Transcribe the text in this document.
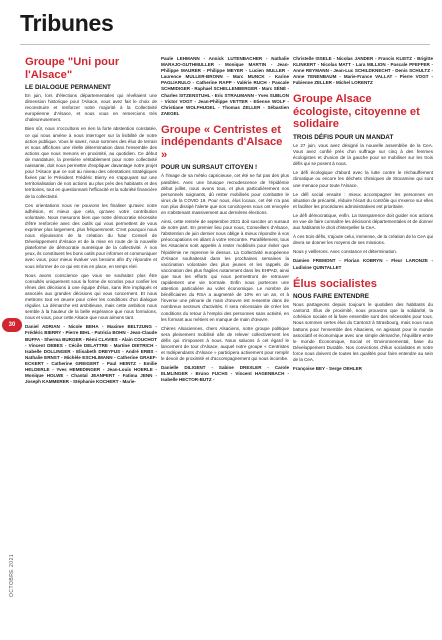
Tribunes
30
OCTOBRE 2021
Groupe "Uni pour l'Alsace"
LE DIALOGUE PERMANENT

En juin, lors d'élections départementales qui révélaient une dimension historique pour l'Alsace, vous avez fait le choix de reconstruire et renforcer notre majorité à la Collectivité européenne d'Alsace, et nous vous en remercions très chaleureusement.

Bien sûr, nous n'occultons en rien la forte abstention constatée, ce qui nous amène à nous interroger sur la lisibilité de notre action publique. Vous le savez, nous sommes des élus de terrain et nous affichons une réelle détermination dans l'ensemble des actions que nous menons en proximité, au quotidien. Ce début de mandature, la première véritablement pour notre collectivité naissante, doit nous permettre d'expliquer davantage notre projet pour l'Alsace que ce soit au niveau des orientations stratégiques fixées par le Président Frédéric Bierry en s'appuyant sur une territorialisation de nos actions au plus près des habitants et des territoires, tout en questionnant l'efficacité et la sobriété financière de la collectivité.

Ces orientations nous ne pouvons les finaliser qu'avec votre adhésion, et mieux que cela, qu'avec votre contribution volontaire. Nous mesurons bien que notre démocratie nécessite d'être renforcée avec des outils qui vous permettent de vous exprimer plus largement, plus fréquemment. C'est pourquoi nous nous réjouissons de la création du futur Conseil de Développement d'Alsace et de la mise en route de la nouvelle plateforme de démocratie numérique de la collectivité. À nos yeux, ils constituent les bons outils pour informer et communiquer avec vous, pour mieux évaluer vos besoins afin d'y répondre et vous informer de ce qui est mis en place, en temps réel.

Nous avons conscience que vous ne souhaitez plus être consultés uniquement sous la forme de scrutins pour confier les rênes des décisions à une équipe d'élus, sans être impliqués et associés aux grandes décisions qui vous concernent. Et nous mettrons tout en œuvre pour créer les conditions d'un dialogue régulier. La démarche est ambitieuse, mais cette ambition nous semble à la hauteur de la belle espérance que nous formulons, nous et vous, pour cette Alsace que nous aimons tant.

Daniel ADRIAN - Nicole BEHA - Maxime BELTZUNG - Frédéric BIERRY - Pierre BIHL - Patricia BOHN - Jean-Claude BUFFA - Sherma BURGER - Rémi CLAVIES - Alain COUCHOT - Vincent DEBES - Cécile DELATTRE - Martine DIETRICH - Isabelle DOLLINGER - Elisabeth DREYFUS - André ERBS - Nathalie ERNST - Michèle ESCHLIMANN - Catherine GRAEF-ECKERT - Catherine GREIGERT - Paul HEINTZ - Emilie HELDERLE - Yves HEMEDINGER - Jean-Louis HOERLE - Monique HOLWE - Chantal JEANPERT - Fatima JENN - Joseph KAMMERER - Stéphanie KOCHERT - Marie-

Paule LEHMANN - Annick LUTENBACHER - Nathalie MARAJO-GUTHMULLER - Monique MARTIN - Jean-Philippe MAURER - Philippe MEYER - Lucien MULLER - Laurence MULLER-BRONN - Marc MUNCK - Karine PAGLIARULO - Catherine RAPP - Valérie RUCH - Pascale SCHMIDIGER - Raphael SCHELLENBERGER - Marc SÉNÉ - Charles SITZENSTUHL - Eric STRAUMANN - Yves SUBLON - Victor VOGT - Jean-Philippe VETTER - Etienne WOLF - Christiane WOLFHUGEL - Thomas ZELLER - Sébastien ZAEGEL

Groupe « Centristes et indépendants d'Alsace »
POUR UN SURSAUT CITOYEN !

À l'image de sa météo capricieuse, cet été ne fut pas des plus paisibles. Avec une brusque recrudescence de l'épidémie début juillet, nous avons tous, et plus particulièrement nos personnels soignants, dû rester mobilisés pour combattre le virus de la COVID 19. Pour nous, élus locaux, cet été n'a pas non plus dissipé l'alerte que nos concitoyens nous ont envoyée en s'abstenant massivement aux dernières élections.

Ainsi, cette rentrée de septembre 2021 doit susciter un sursaut de notre part. En premier lieu pour nous, Conseillers d'Alsace, l'abstention de juin dernier nous oblige à mieux répondre à vos préoccupations en allant à votre rencontre. Parallèlement, tous les Alsaciens sont appelés à rester mobilisés pour éviter que l'épidémie ne reprenne le dessus. La Collectivité européenne d'Alsace souhaiterait dans les prochaines semaines la vaccination volontaire des plus jeunes et les rappels de vaccination des plus fragiles notamment dans les EHPAD, ainsi que tous les efforts qui nous permettront de retrouver rapidement une vie normale. Enfin nous porterons une attention particulière au volet économique. Le nombre de bénéficiaires du RSA a augmenté de 10% en un an, et à l'inverse une pénurie de main d'œuvre est ressentie dans de nombreux secteurs d'activités. Il sera nécessaire de créer les conditions du retour à l'emploi des personnes sans activité, en les formant aux métiers en manque de main d'œuvre.

Chères Alsaciennes, chers Alsaciens, notre groupe politique sera pleinement mobilisé afin de relever collectivement les défis qui s'imposent à nous. Nous saluons à cet égard le lancement de tour d'Alsace, auquel notre groupe « Centristes et Indépendants d'Alsace » participera activement pour remplir le devoir de proximité et d'accompagnement qui nous incombe.

Danielle DILIGENT - Sabine DREXLER - Carole ELMLINGER - Bruno FUCHS - Vincent HAGENBACH - Isabelle HECTOR-BUTZ -

Christelle ISSELE - Nicolas JANDER - Francis KLEITZ - Brigitte KLINKERT - Nicolas MATT - Lara MILLION - Pascale PFEFFER - Anne REYMANN - Jean-Luc SCHILDKNECHT - Denis SCHULTZ - Anne TENENBAUM - Marie-France VALLAT - Pierre VOGT - Fabienne ZELLER - Michel LORENTZ

Groupe Alsace écologiste, citoyenne et solidaire
TROIS DÉFIS POUR UN MANDAT

Le 27 juin, vous avez désigné la nouvelle assemblée de la CeA. Vous avez confié près d'un suffrage sur cinq à des femmes écologistes et d'union de la gauche pour se mobiliser sur les trois défis qui se posent à nous.

Le défi écologique d'abord avec la lutte contre le réchauffement climatique ou encore les déchets chimiques de Stocamine qui sont une menace pour toute l'Alsace.

Le défi social ensuite : mieux accompagner les personnes en situation de précarité, réduire l'écart du contrôle qui s'exerce sur elles et faciliter les procédures administratives est prioritaire.

Le défi démocratique, enfin. La transparence doit guider nos actions en vue de faire connaître les décisions départementales et de donner aux habitants le droit d'interpeller la CeA.

À ces trois défis, s'ajoute celui, immense, de la création de la CeA qui devra se donner les moyens de ses missions.

Nous y veillerons. Avec constance et détermination.

Damien FREMONT - Florian KOBRYN - Fleur LARONZE - Ludivine QUINTALLET

Élus socialistes
NOUS FAIRE ENTENDRE

Nous partageons depuis toujours le quotidien des habitants du canton3. Élus de proximité, nous prouvons que la solidarité, la cohésion sociale et la faire ensemble sont des nécessités pour tous. Nous sommes certes élus du Canton3 à Strasbourg, mais nous nous battons pour l'ensemble des Alsaciens, en agissant pour le monde associatif et économique avec une simple démarche, l'équilibre entre le monde Économique, Social et Environnemental, base du Développement Durable. Nos convictions d'élus socialistes et notre force nous doivent de toutes les qualités pour faire entendre au sein de la CeA.

Françoise BEY - Serge OEHLER
